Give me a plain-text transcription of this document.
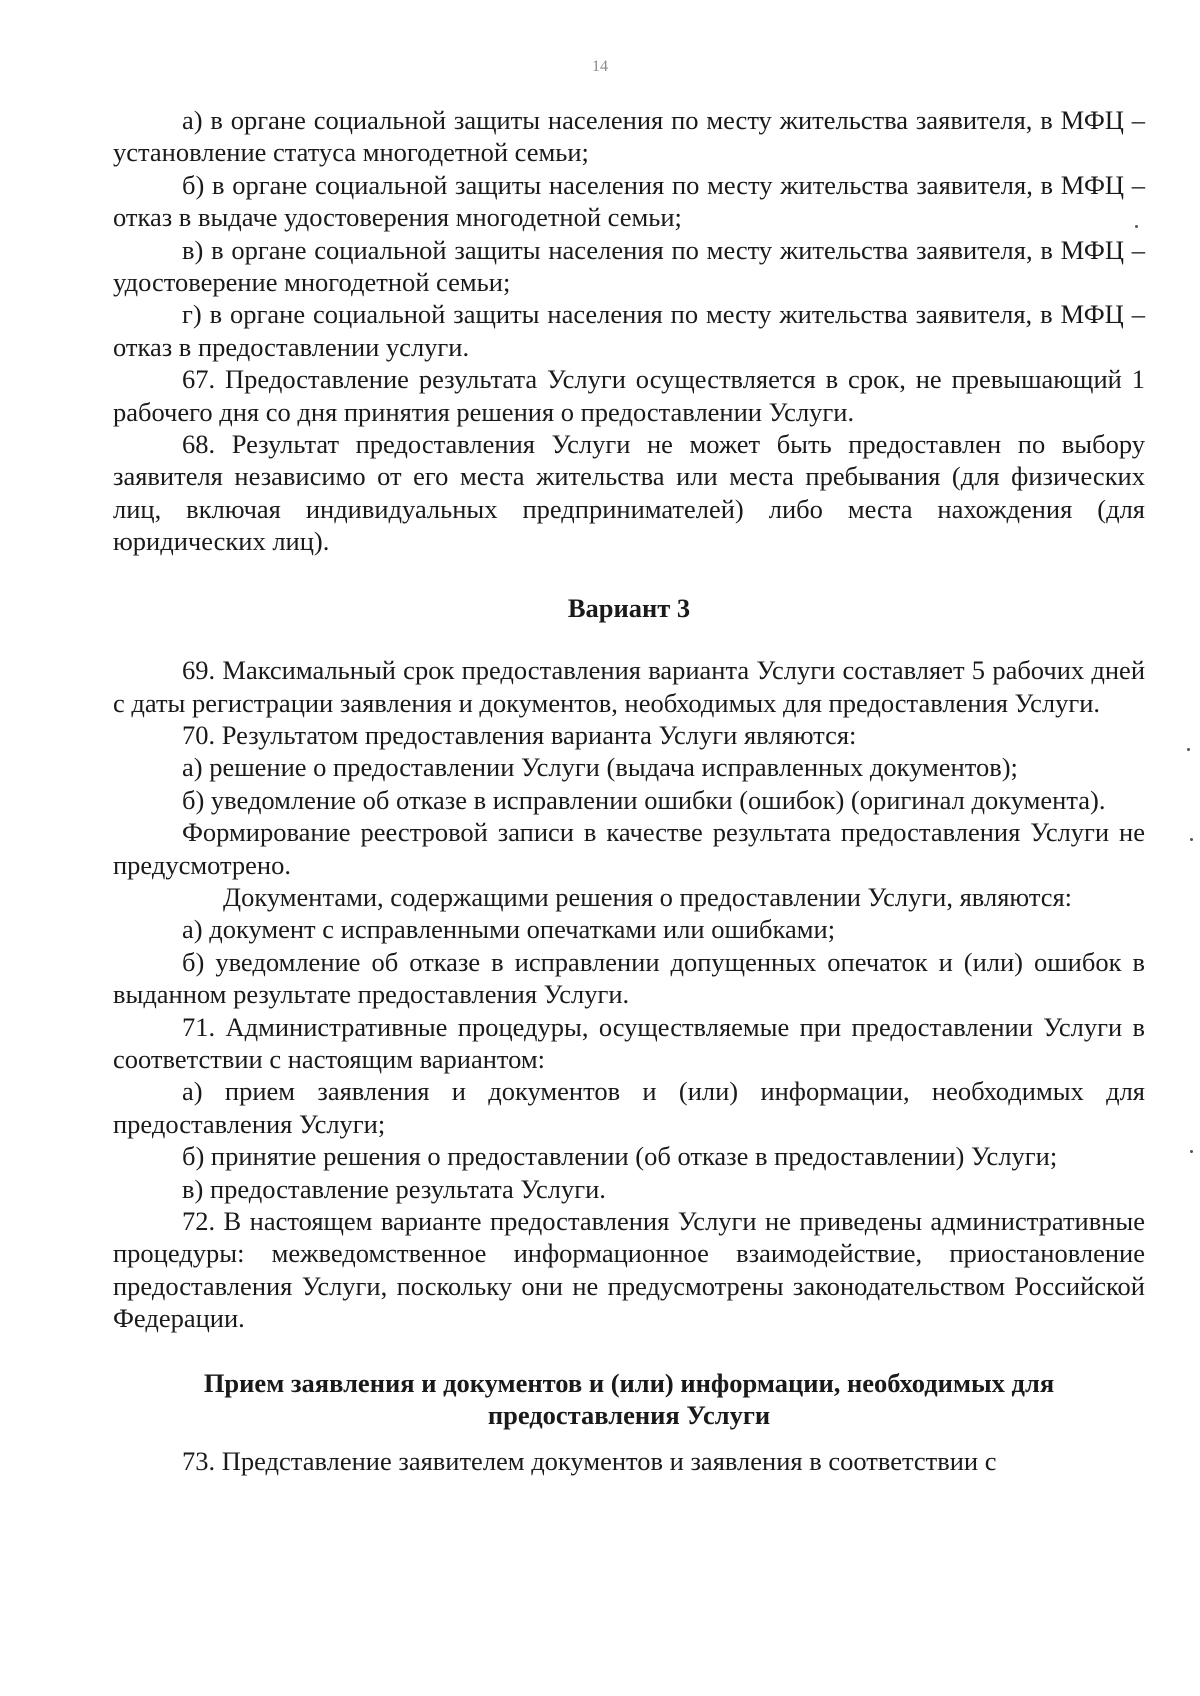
14

а) в органе социальной защиты населения по месту жительства заявителя, в МФЦ – установление статуса многодетной семьи;

б) в органе социальной защиты населения по месту жительства заявителя, в МФЦ – отказ в выдаче удостоверения многодетной семьи;

в) в органе социальной защиты населения по месту жительства заявителя, в МФЦ – удостоверение многодетной семьи;

г) в органе социальной защиты населения по месту жительства заявителя, в МФЦ – отказ в предоставлении услуги.

67. Предоставление результата Услуги осуществляется в срок, не превышающий 1 рабочего дня со дня принятия решения о предоставлении Услуги.

68. Результат предоставления Услуги не может быть предоставлен по выбору заявителя независимо от его места жительства или места пребывания (для физических лиц, включая индивидуальных предпринимателей) либо места нахождения (для юридических лиц).

Вариант 3

69. Максимальный срок предоставления варианта Услуги составляет 5 рабочих дней с даты регистрации заявления и документов, необходимых для предоставления Услуги.

70. Результатом предоставления варианта Услуги являются:

а) решение о предоставлении Услуги (выдача исправленных документов);

б) уведомление об отказе в исправлении ошибки (ошибок) (оригинал документа).

Формирование реестровой записи в качестве результата предоставления Услуги не предусмотрено.

Документами, содержащими решения о предоставлении Услуги, являются:

а) документ с исправленными опечатками или ошибками;

б) уведомление об отказе в исправлении допущенных опечаток и (или) ошибок в выданном результате предоставления Услуги.

71. Административные процедуры, осуществляемые при предоставлении Услуги в соответствии с настоящим вариантом:

а) прием заявления и документов и (или) информации, необходимых для предоставления Услуги;

б) принятие решения о предоставлении (об отказе в предоставлении) Услуги;

в) предоставление результата Услуги.

72. В настоящем варианте предоставления Услуги не приведены административные процедуры: межведомственное информационное взаимодействие, приостановление предоставления Услуги, поскольку они не предусмотрены законодательством Российской Федерации.

Прием заявления и документов и (или) информации, необходимых для
предоставления Услуги

73. Представление заявителем документов и заявления в соответствии с
